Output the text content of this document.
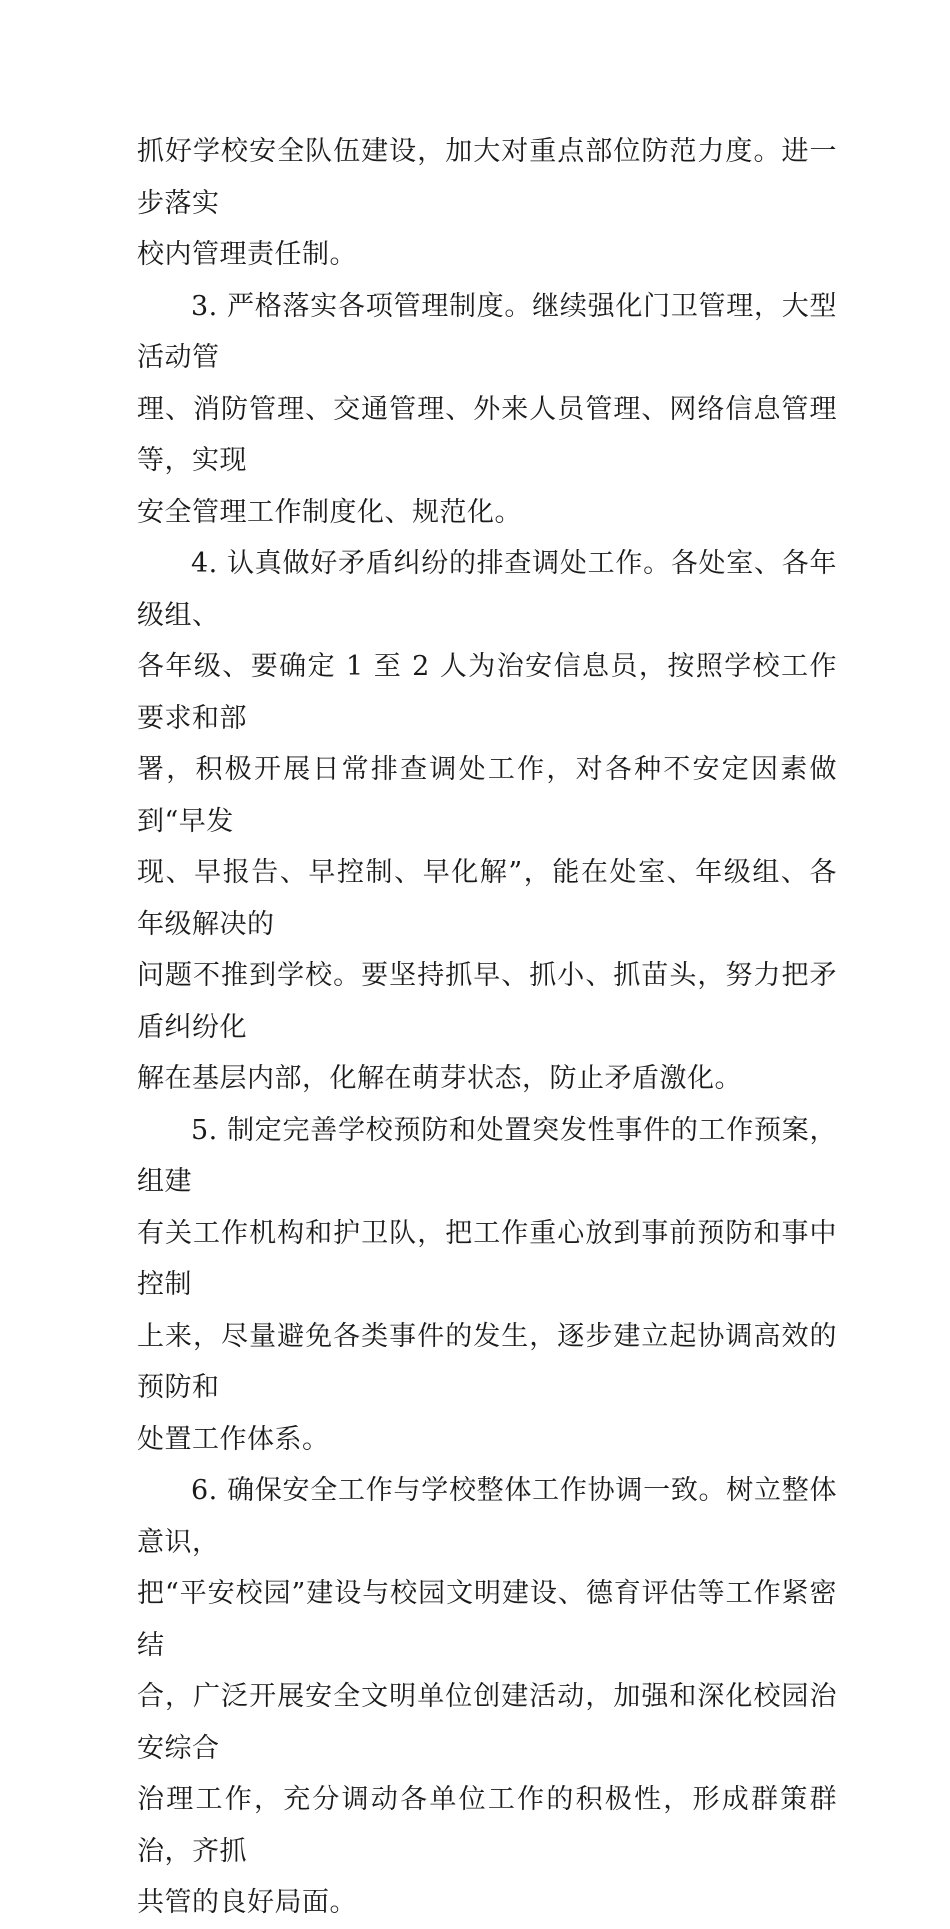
抓好学校安全队伍建设，加大对重点部位防范力度。进一步落实
校内管理责任制。

3. 严格落实各项管理制度。继续强化门卫管理，大型活动管
理、消防管理、交通管理、外来人员管理、网络信息管理等，实现
安全管理工作制度化、规范化。

4. 认真做好矛盾纠纷的排查调处工作。各处室、各年级组、
各年级、要确定 1 至 2 人为治安信息员，按照学校工作要求和部
署，积极开展日常排查调处工作，对各种不安定因素做到“早发
现、早报告、早控制、早化解”，能在处室、年级组、各年级解决的
问题不推到学校。要坚持抓早、抓小、抓苗头，努力把矛盾纠纷化
解在基层内部，化解在萌芽状态，防止矛盾激化。

5. 制定完善学校预防和处置突发性事件的工作预案，组建
有关工作机构和护卫队，把工作重心放到事前预防和事中控制
上来，尽量避免各类事件的发生，逐步建立起协调高效的预防和
处置工作体系。

6. 确保安全工作与学校整体工作协调一致。树立整体意识，
把“平安校园”建设与校园文明建设、德育评估等工作紧密结
合，广泛开展安全文明单位创建活动，加强和深化校园治安综合
治理工作，充分调动各单位工作的积极性，形成群策群治，齐抓
共管的良好局面。
